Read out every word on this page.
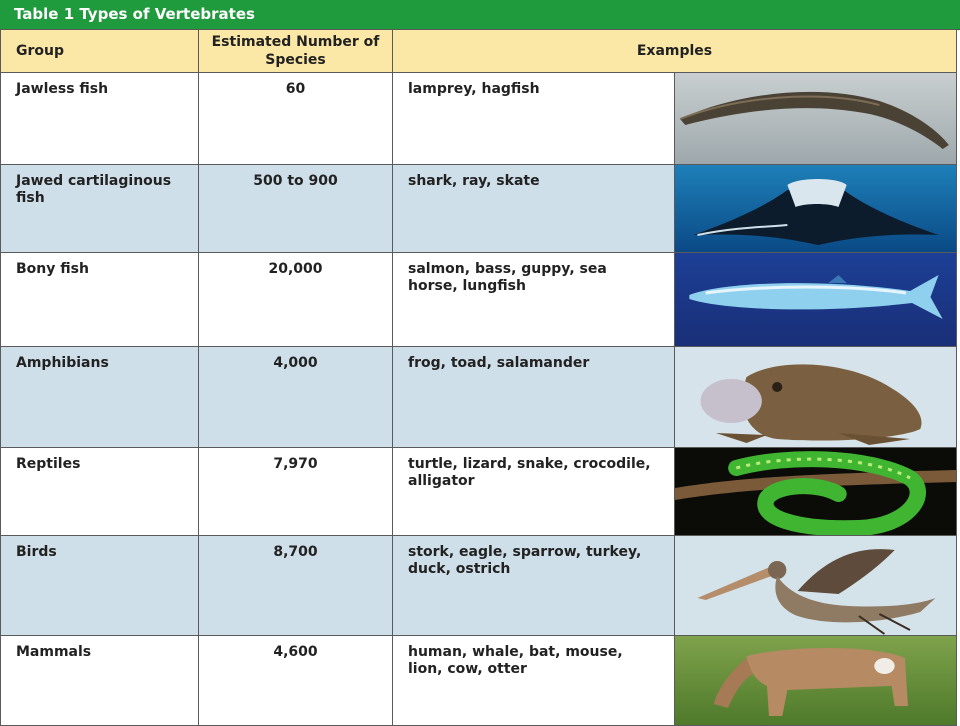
Table 1 Types of Vertebrates
Group	Estimated Number of Species	Examples	
Jawless fish	60	lamprey, hagfish	

Jawed cartilaginous fish	500 to 900	shark, ray, skate	

Bony fish	20,000	salmon, bass, guppy, sea horse, lungfish	

Amphibians	4,000	frog, toad, salamander	

Reptiles	7,970	turtle, lizard, snake, crocodile, alligator	

Birds	8,700	stork, eagle, sparrow, turkey, duck, ostrich	

Mammals	4,600	human, whale, bat, mouse, lion, cow, otter	
